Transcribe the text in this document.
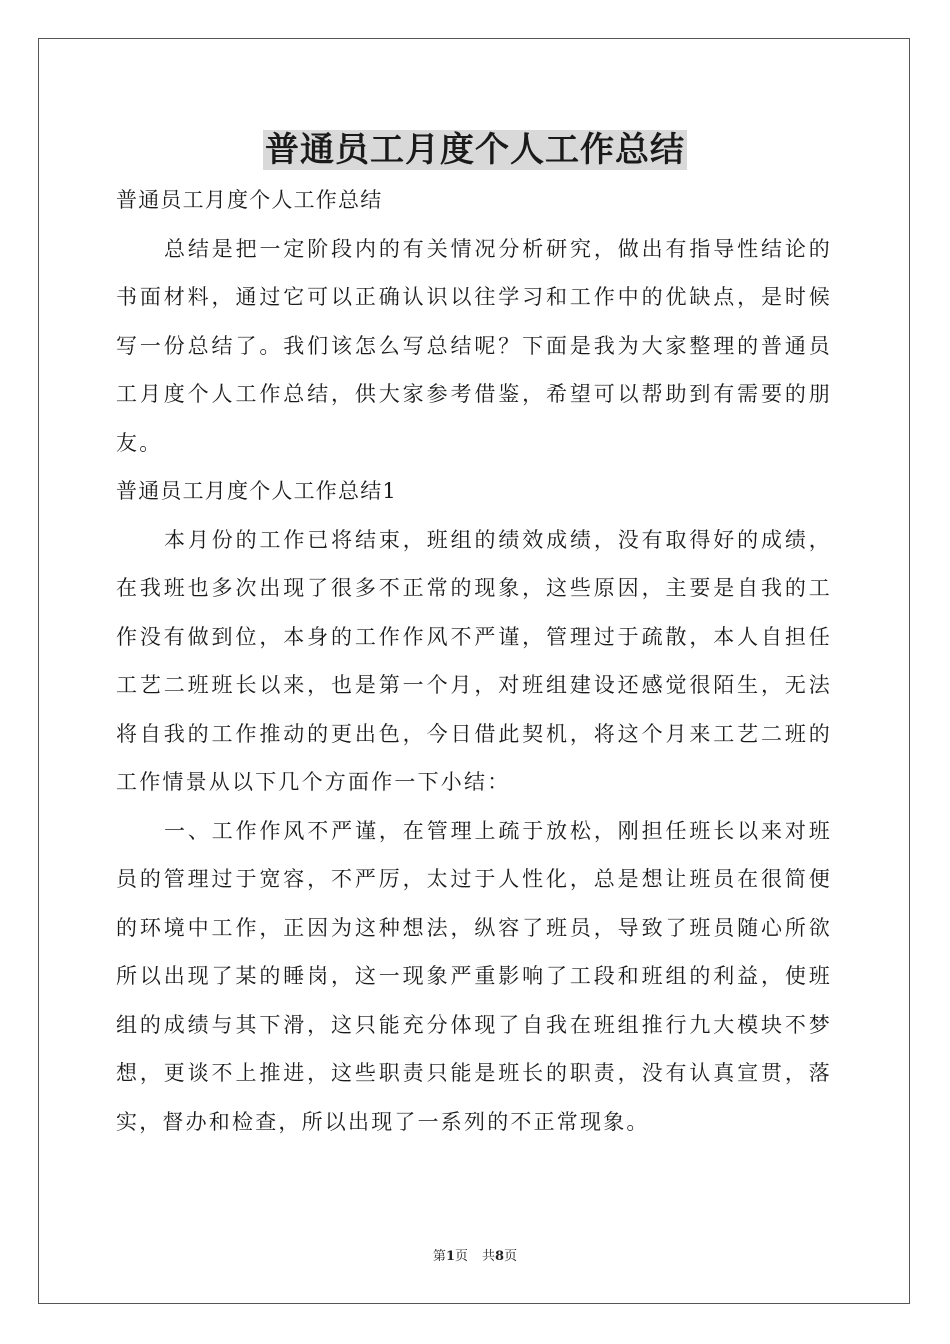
普通员工月度个人工作总结

普通员工月度个人工作总结

总结是把一定阶段内的有关情况分析研究，做出有指导性结论的书面材料，通过它可以正确认识以往学习和工作中的优缺点，是时候写一份总结了。我们该怎么写总结呢？下面是我为大家整理的普通员工月度个人工作总结，供大家参考借鉴，希望可以帮助到有需要的朋友。

普通员工月度个人工作总结1

本月份的工作已将结束，班组的绩效成绩，没有取得好的成绩，在我班也多次出现了很多不正常的现象，这些原因，主要是自我的工作没有做到位，本身的工作作风不严谨，管理过于疏散，本人自担任工艺二班班长以来，也是第一个月，对班组建设还感觉很陌生，无法将自我的工作推动的更出色，今日借此契机，将这个月来工艺二班的工作情景从以下几个方面作一下小结：

一、工作作风不严谨，在管理上疏于放松，刚担任班长以来对班员的管理过于宽容，不严厉，太过于人性化，总是想让班员在很简便的环境中工作，正因为这种想法，纵容了班员，导致了班员随心所欲所以出现了某的睡岗，这一现象严重影响了工段和班组的利益，使班组的成绩与其下滑，这只能充分体现了自我在班组推行九大模块不梦想，更谈不上推进，这些职责只能是班长的职责，没有认真宣贯，落实，督办和检查，所以出现了一系列的不正常现象。

第1页 共8页
